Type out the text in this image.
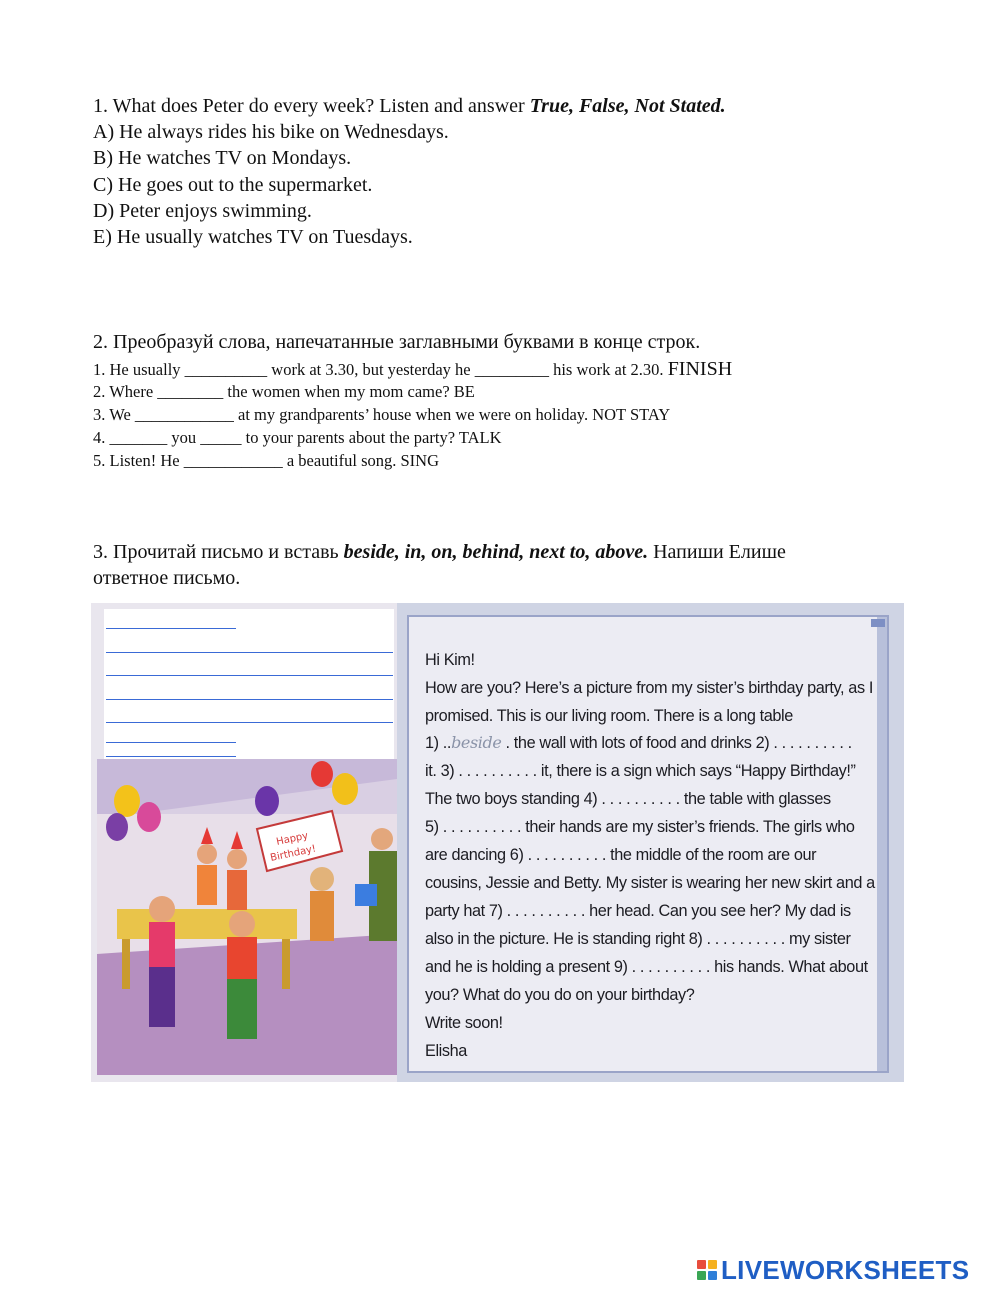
1. What does Peter do every week? Listen and answer True, False, Not Stated.
A) He always rides his bike on Wednesdays.
B) He watches TV on Mondays.
C) He goes out to the supermarket.
D) Peter enjoys swimming.
E) He usually watches TV on Tuesdays.
2. Преобразуй слова, напечатанные заглавными буквами в конце строк.
1. He usually __________ work at 3.30, but yesterday he _________ his work at 2.30. FINISH
2. Where ________ the women when my mom came? BE
3. We ____________ at my grandparents’ house when we were on holiday. NOT STAY
4. _______ you _____ to your parents about the party? TALK
5. Listen! He ____________ a beautiful song. SING
3. Прочитай письмо и вставь beside, in, on, behind, next to, above. Напиши Елише
ответное письмо.
Happy
Birthday!
Hi Kim!
How are you? Here’s a picture from my sister’s birthday party, as I
promised. This is our living room. There is a long table
1) ..beside . the wall with lots of food and drinks 2) . . . . . . . . . .
it. 3) . . . . . . . . . . it, there is a sign which says “Happy Birthday!”
The two boys standing 4) . . . . . . . . . . the table with glasses
5) . . . . . . . . . . their hands are my sister’s friends. The girls who
are dancing 6) . . . . . . . . . . the middle of the room are our
cousins, Jessie and Betty. My sister is wearing her new skirt and a
party hat 7) . . . . . . . . . . her head. Can you see her? My dad is
also in the picture. He is standing right 8) . . . . . . . . . . my sister
and he is holding a present 9) . . . . . . . . . . his hands. What about
you? What do you do on your birthday?
Write soon!
Elisha
LIVEWORKSHEETS
